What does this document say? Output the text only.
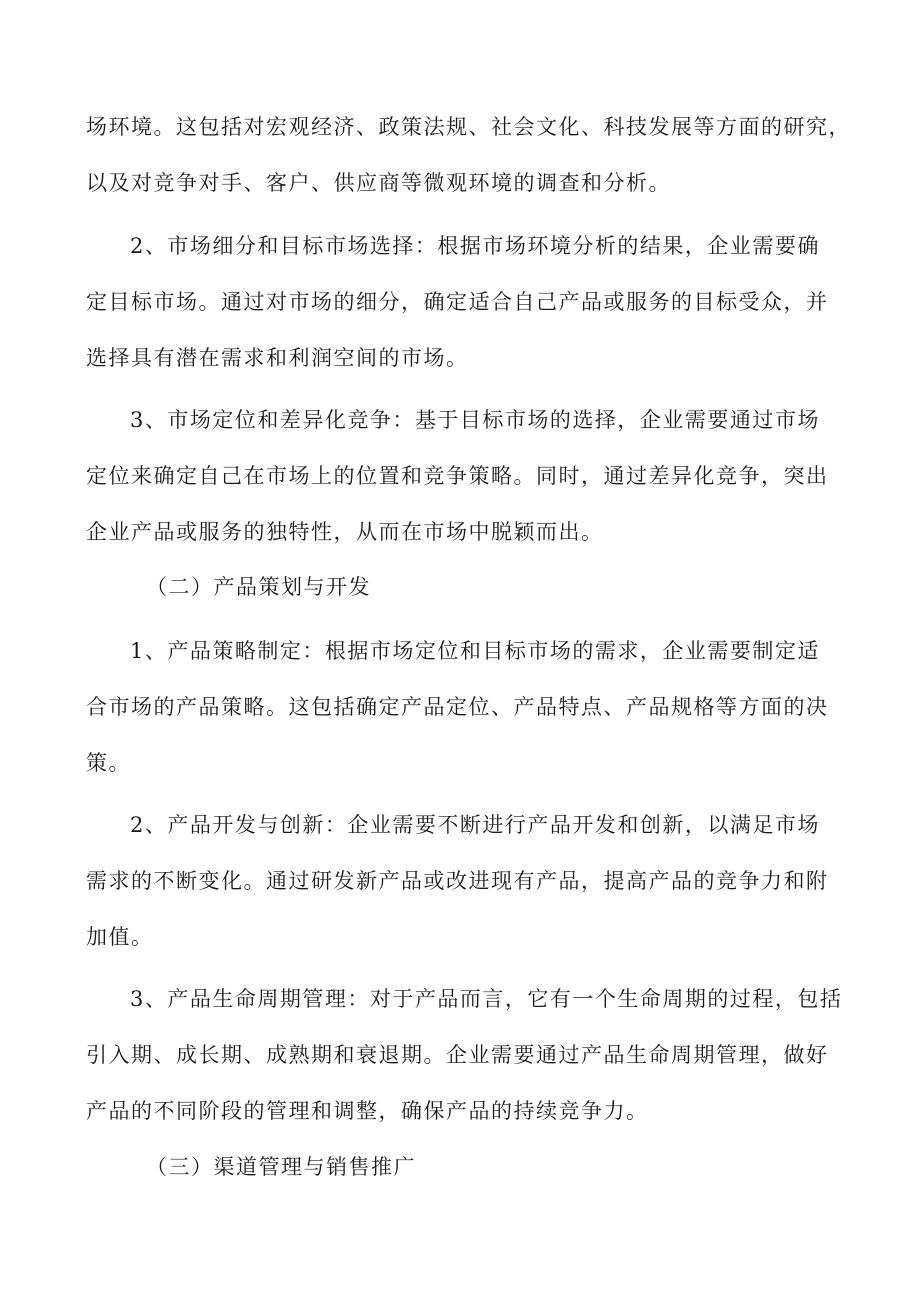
场环境。这包括对宏观经济、政策法规、社会文化、科技发展等方面的研究，
以及对竞争对手、客户、供应商等微观环境的调查和分析。
2、市场细分和目标市场选择：根据市场环境分析的结果，企业需要确
定目标市场。通过对市场的细分，确定适合自己产品或服务的目标受众，并
选择具有潜在需求和利润空间的市场。
3、市场定位和差异化竞争：基于目标市场的选择，企业需要通过市场
定位来确定自己在市场上的位置和竞争策略。同时，通过差异化竞争，突出
企业产品或服务的独特性，从而在市场中脱颖而出。
（二）产品策划与开发
1、产品策略制定：根据市场定位和目标市场的需求，企业需要制定适
合市场的产品策略。这包括确定产品定位、产品特点、产品规格等方面的决
策。
2、产品开发与创新：企业需要不断进行产品开发和创新，以满足市场
需求的不断变化。通过研发新产品或改进现有产品，提高产品的竞争力和附
加值。
3、产品生命周期管理：对于产品而言，它有一个生命周期的过程，包括
引入期、成长期、成熟期和衰退期。企业需要通过产品生命周期管理，做好
产品的不同阶段的管理和调整，确保产品的持续竞争力。
（三）渠道管理与销售推广
